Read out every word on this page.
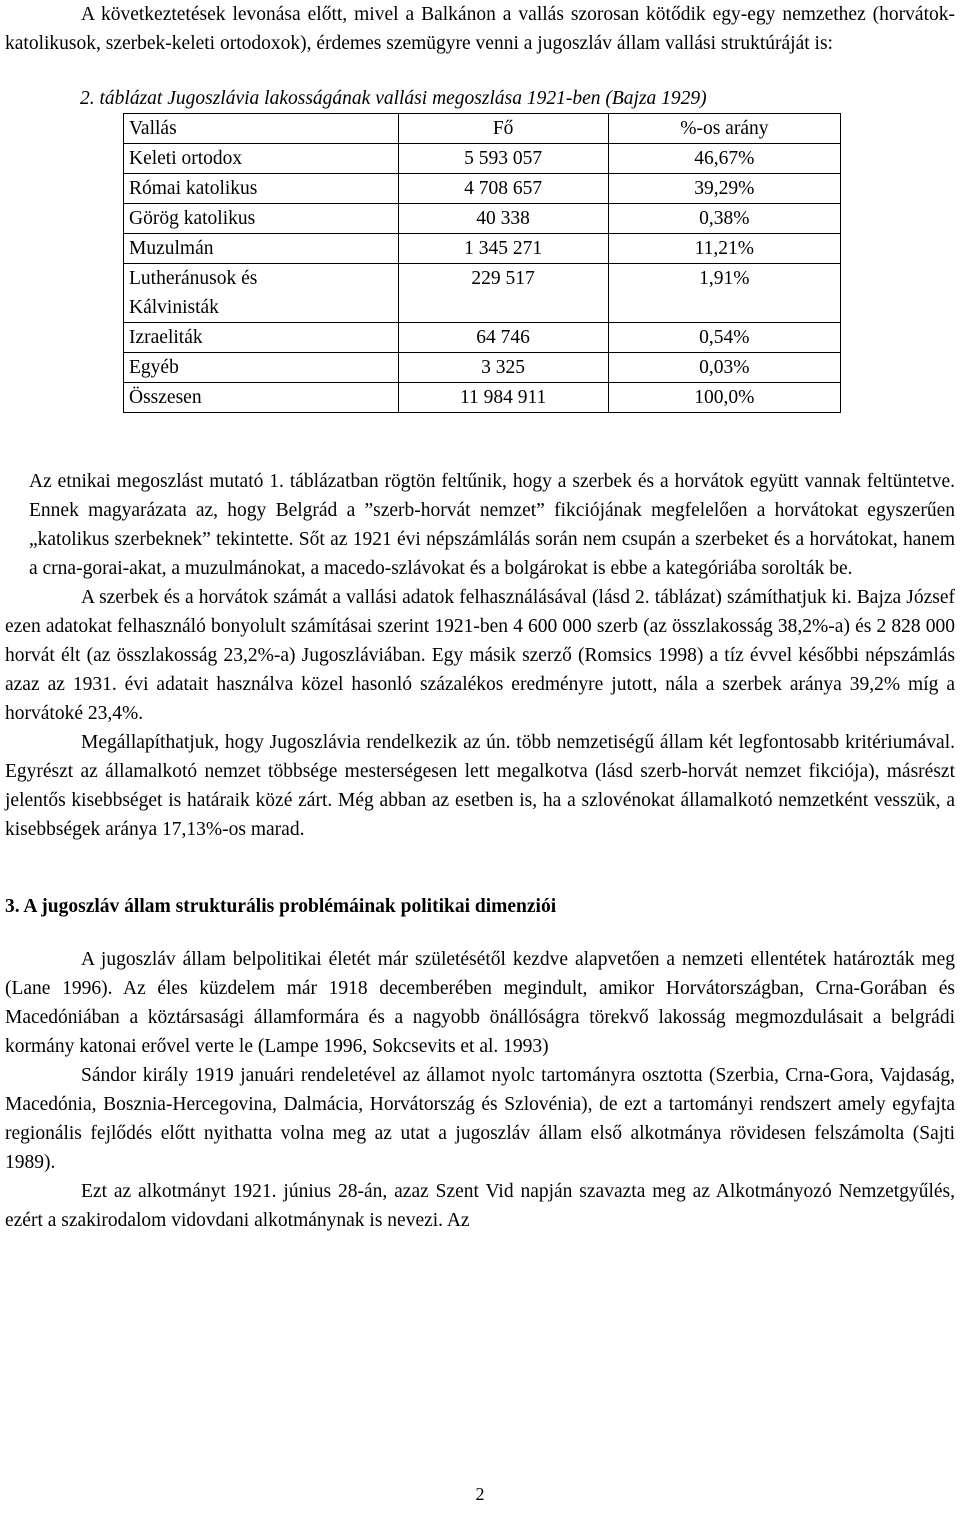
A következtetések levonása előtt, mivel a Balkánon a vallás szorosan kötődik egy-egy nemzethez (horvátok-katolikusok, szerbek-keleti ortodoxok), érdemes szemügyre venni a jugoszláv állam vallási struktúráját is:

2. táblázat Jugoszlávia lakosságának vallási megoszlása 1921-ben (Bajza 1929)

Vallás	Fő	%-os arány
Keleti ortodox	5 593 057	46,67%
Római katolikus	4 708 657	39,29%
Görög katolikus	40 338	0,38%
Muzulmán	1 345 271	11,21%
Lutheránusok és Kálvinisták	229 517	1,91%
Izraeliták	64 746	0,54%
Egyéb	3 325	0,03%
Összesen	11 984 911	100,0%

Az etnikai megoszlást mutató 1. táblázatban rögtön feltűnik, hogy a szerbek és a horvátok együtt vannak feltüntetve. Ennek magyarázata az, hogy Belgrád a ”szerb-horvát nemzet” fikciójának megfelelően a horvátokat egyszerűen „katolikus szerbeknek” tekintette. Sőt az 1921 évi népszámlálás során nem csupán a szerbeket és a horvátokat, hanem a crna-gorai-akat, a muzulmánokat, a macedo-szlávokat és a bolgárokat is ebbe a kategóriába sorolták be.

A szerbek és a horvátok számát a vallási adatok felhasználásával (lásd 2. táblázat) számíthatjuk ki. Bajza József ezen adatokat felhasználó bonyolult számításai szerint 1921-ben 4 600 000 szerb (az összlakosság 38,2%-a) és 2 828 000 horvát élt (az összlakosság 23,2%-a) Jugoszláviában. Egy másik szerző (Romsics 1998) a tíz évvel későbbi népszámlás azaz az 1931. évi adatait használva közel hasonló százalékos eredményre jutott, nála a szerbek aránya 39,2% míg a horvátoké 23,4%.

Megállapíthatjuk, hogy Jugoszlávia rendelkezik az ún. több nemzetiségű állam két legfontosabb kritériumával. Egyrészt az államalkotó nemzet többsége mesterségesen lett megalkotva (lásd szerb-horvát nemzet fikciója), másrészt jelentős kisebbséget is határaik közé zárt. Még abban az esetben is, ha a szlovénokat államalkotó nemzetként vesszük, a kisebbségek aránya 17,13%-os marad.

3. A jugoszláv állam strukturális problémáinak politikai dimenziói

A jugoszláv állam belpolitikai életét már születésétől kezdve alapvetően a nemzeti ellentétek határozták meg (Lane 1996). Az éles küzdelem már 1918 decemberében megindult, amikor Horvátországban, Crna-Gorában és Macedóniában a köztársasági államformára és a nagyobb önállóságra törekvő lakosság megmozdulásait a belgrádi kormány katonai erővel verte le (Lampe 1996, Sokcsevits et al. 1993)

Sándor király 1919 januári rendeletével az államot nyolc tartományra osztotta (Szerbia, Crna-Gora, Vajdaság, Macedónia, Bosznia-Hercegovina, Dalmácia, Horvátország és Szlovénia), de ezt a tartományi rendszert amely egyfajta regionális fejlődés előtt nyithatta volna meg az utat a jugoszláv állam első alkotmánya rövidesen felszámolta (Sajti 1989).

Ezt az alkotmányt 1921. június 28-án, azaz Szent Vid napján szavazta meg az Alkotmányozó Nemzetgyűlés, ezért a szakirodalom vidovdani alkotmánynak is nevezi. Az

2
